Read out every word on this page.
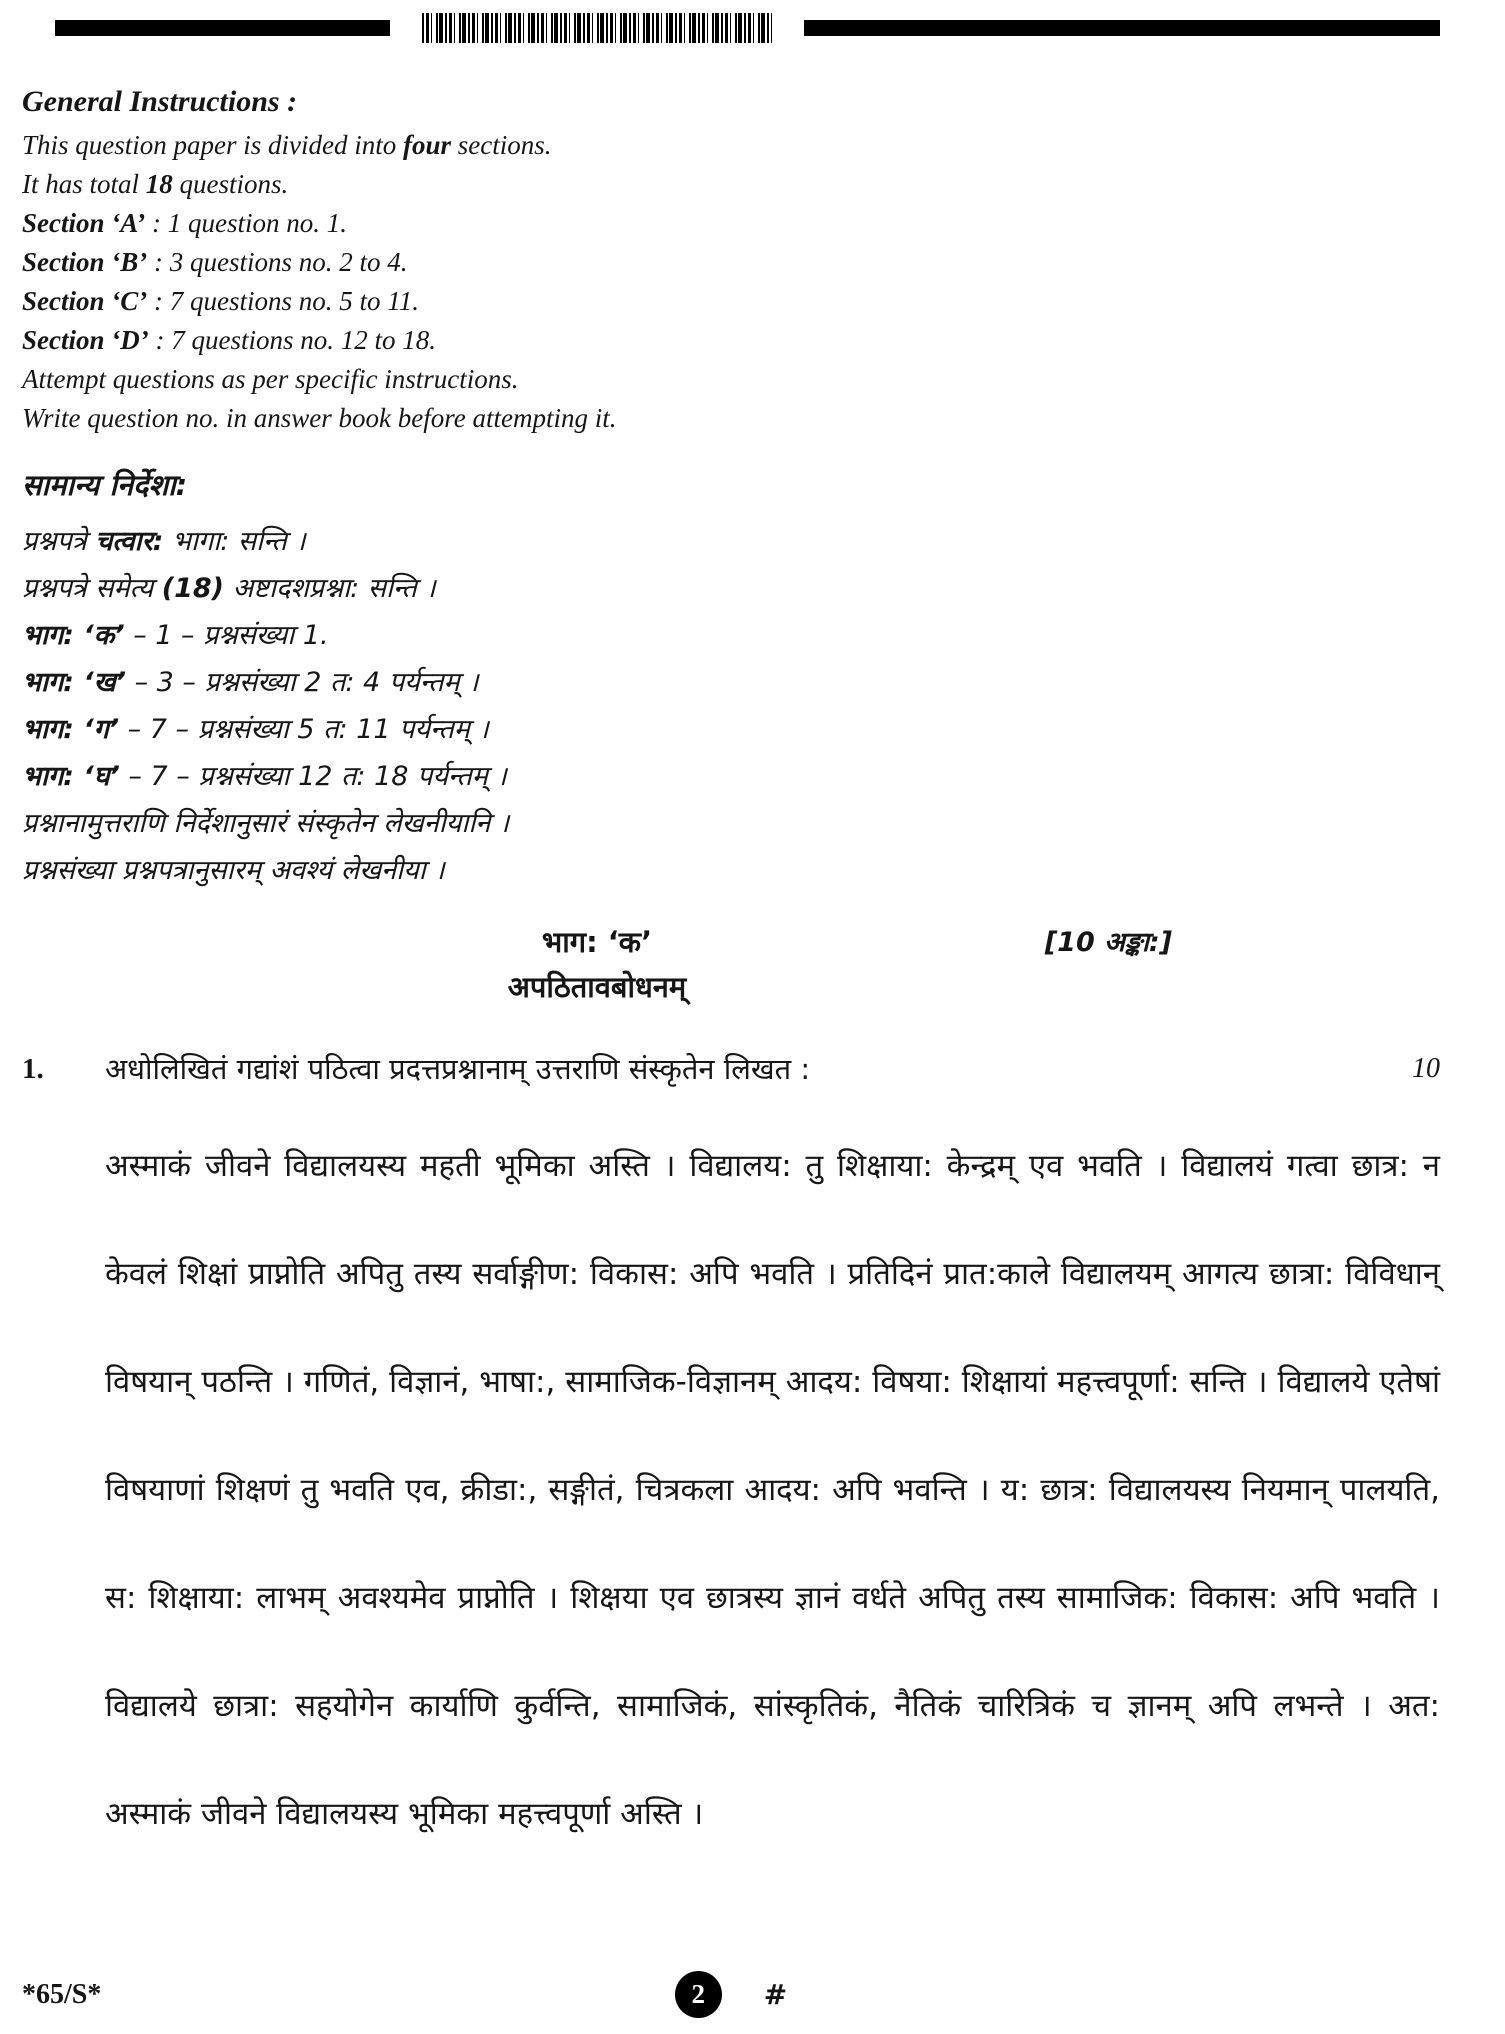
General Instructions :

This question paper is divided into four sections.

It has total 18 questions.

Section ‘A’ : 1 question no. 1.

Section ‘B’ : 3 questions no. 2 to 4.

Section ‘C’ : 7 questions no. 5 to 11.

Section ‘D’ : 7 questions no. 12 to 18.

Attempt questions as per specific instructions.

Write question no. in answer book before attempting it.

सामान्य निर्देशा:

प्रश्नपत्रे चत्वार: भागा: सन्ति ।

प्रश्नपत्रे समेत्य (18) अष्टादशप्रश्ना: सन्ति ।

भाग: ‘क’ – 1 – प्रश्नसंख्या 1.

भाग: ‘ख’ – 3 – प्रश्नसंख्या 2 त: 4 पर्यन्तम् ।

भाग: ‘ग’ – 7 – प्रश्नसंख्या 5 त: 11 पर्यन्तम् ।

भाग: ‘घ’ – 7 – प्रश्नसंख्या 12 त: 18 पर्यन्तम् ।

प्रश्नानामुत्तराणि निर्देशानुसारं संस्कृतेन लेखनीयानि ।

प्रश्नसंख्या प्रश्नपत्रानुसारम् अवश्यं लेखनीया ।

भाग: ‘क’	[10 अङ्का:]
अपठितावबोधनम्
1.	अधोलिखितं गद्यांशं पठित्वा प्रदत्तप्रश्नानाम् उत्तराणि संस्कृतेन लिखत :	10

अस्माकं जीवने विद्यालयस्य महती भूमिका अस्ति । विद्यालय: तु शिक्षाया: केन्द्रम् एव भवति । विद्यालयं गत्वा छात्र: न केवलं शिक्षां प्राप्नोति अपितु तस्य सर्वाङ्गीण: विकास: अपि भवति । प्रतिदिनं प्रात:काले विद्यालयम् आगत्य छात्रा: विविधान् विषयान् पठन्ति । गणितं, विज्ञानं, भाषा:, सामाजिक-विज्ञानम् आदय: विषया: शिक्षायां महत्त्वपूर्णा: सन्ति । विद्यालये एतेषां विषयाणां शिक्षणं तु भवति एव, क्रीडा:, सङ्गीतं, चित्रकला आदय: अपि भवन्ति । य: छात्र: विद्यालयस्य नियमान् पालयति, स: शिक्षाया: लाभम् अवश्यमेव प्राप्नोति । शिक्षया एव छात्रस्य ज्ञानं वर्धते अपितु तस्य सामाजिक: विकास: अपि भवति । विद्यालये छात्रा: सहयोगेन कार्याणि कुर्वन्ति, सामाजिकं, सांस्कृतिकं, नैतिकं चारित्रिकं च ज्ञानम् अपि लभन्ते । अत: अस्माकं जीवने विद्यालयस्य भूमिका महत्त्वपूर्णा अस्ति ।

*65/S*	2	#
